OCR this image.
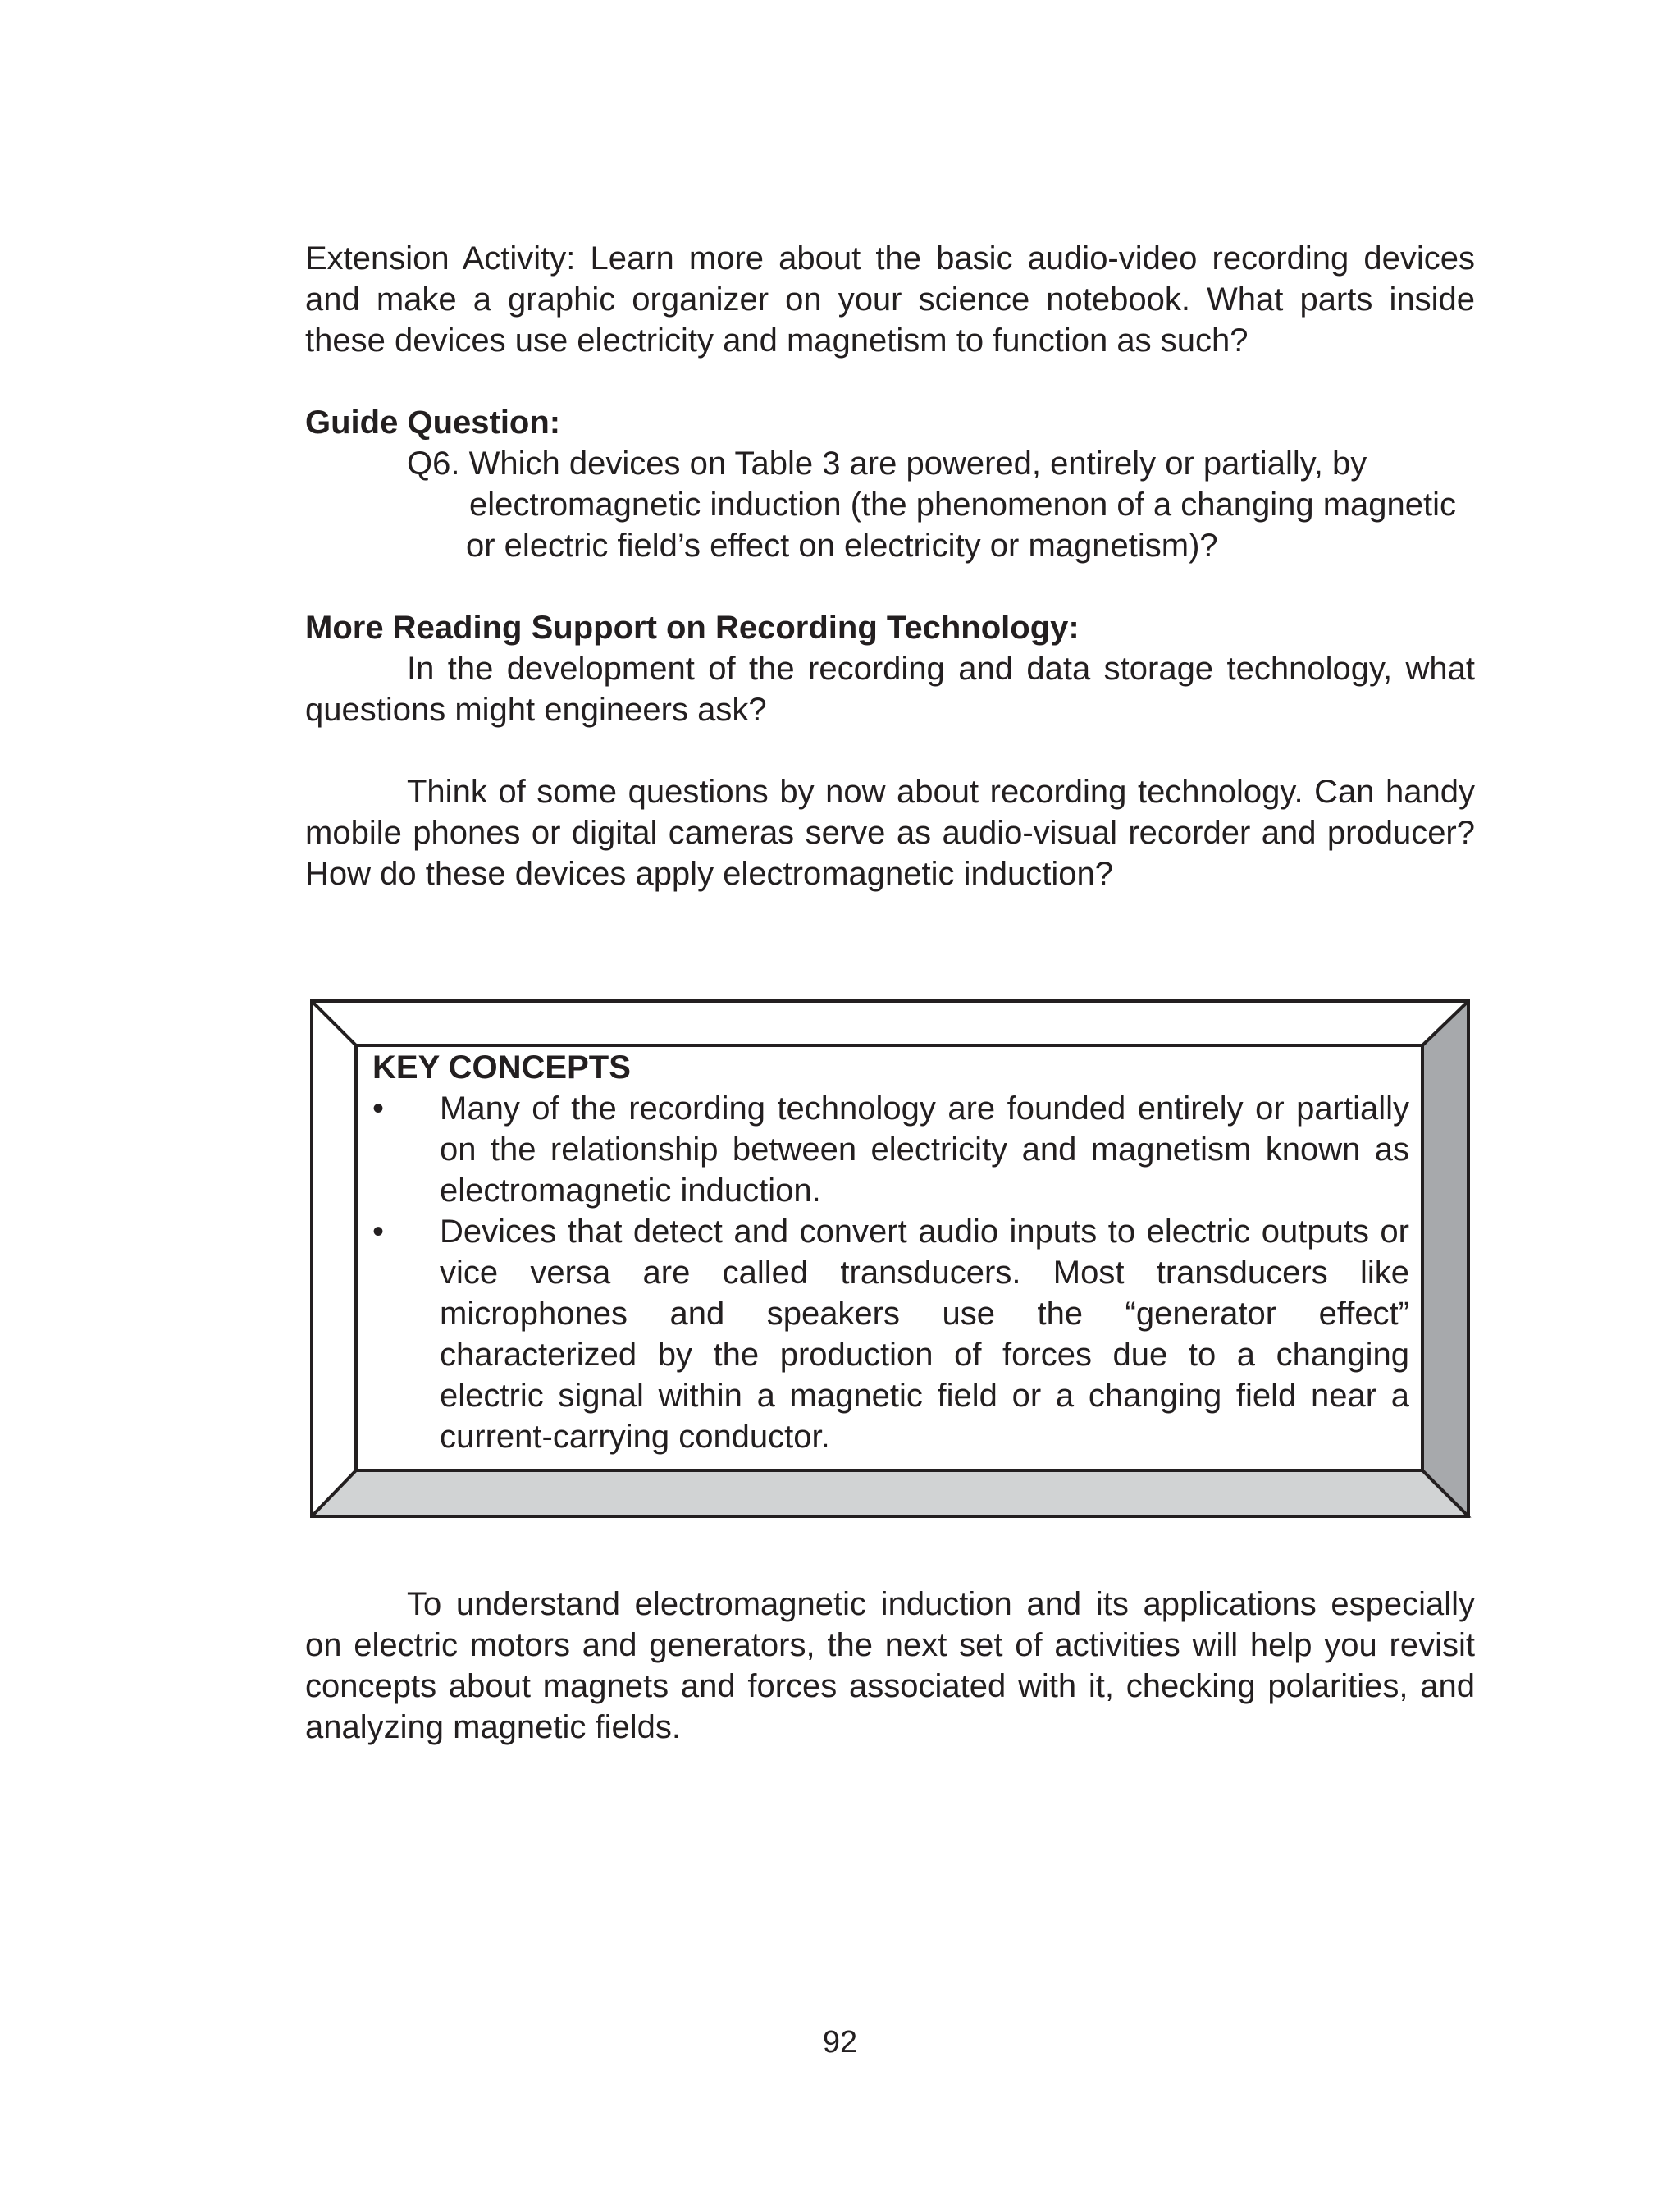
Extension Activity: Learn more about the basic audio-video recording devices and make a graphic organizer on your science notebook. What parts inside these devices use electricity and magnetism to function as such?

Guide Question:
Q6. Which devices on Table 3 are powered, entirely or partially, by
electromagnetic induction (the phenomenon of a changing magnetic
or electric field’s effect on electricity or magnetism)?
More Reading Support on Recording Technology:

In the development of the recording and data storage technology, what questions might engineers ask?

Think of some questions by now about recording technology. Can handy mobile phones or digital cameras serve as audio-visual recorder and producer? How do these devices apply electromagnetic induction?

KEY CONCEPTS
• Many of the recording technology are founded entirely or partially on the relationship between electricity and magnetism known as electromagnetic induction.
• Devices that detect and convert audio inputs to electric outputs or vice versa are called transducers. Most transducers like microphones and speakers use the “generator effect” characterized by the production of forces due to a changing electric signal within a magnetic field or a changing field near a current-carrying conductor.

To understand electromagnetic induction and its applications especially on electric motors and generators, the next set of activities will help you revisit concepts about magnets and forces associated with it, checking polarities, and analyzing magnetic fields.

92
